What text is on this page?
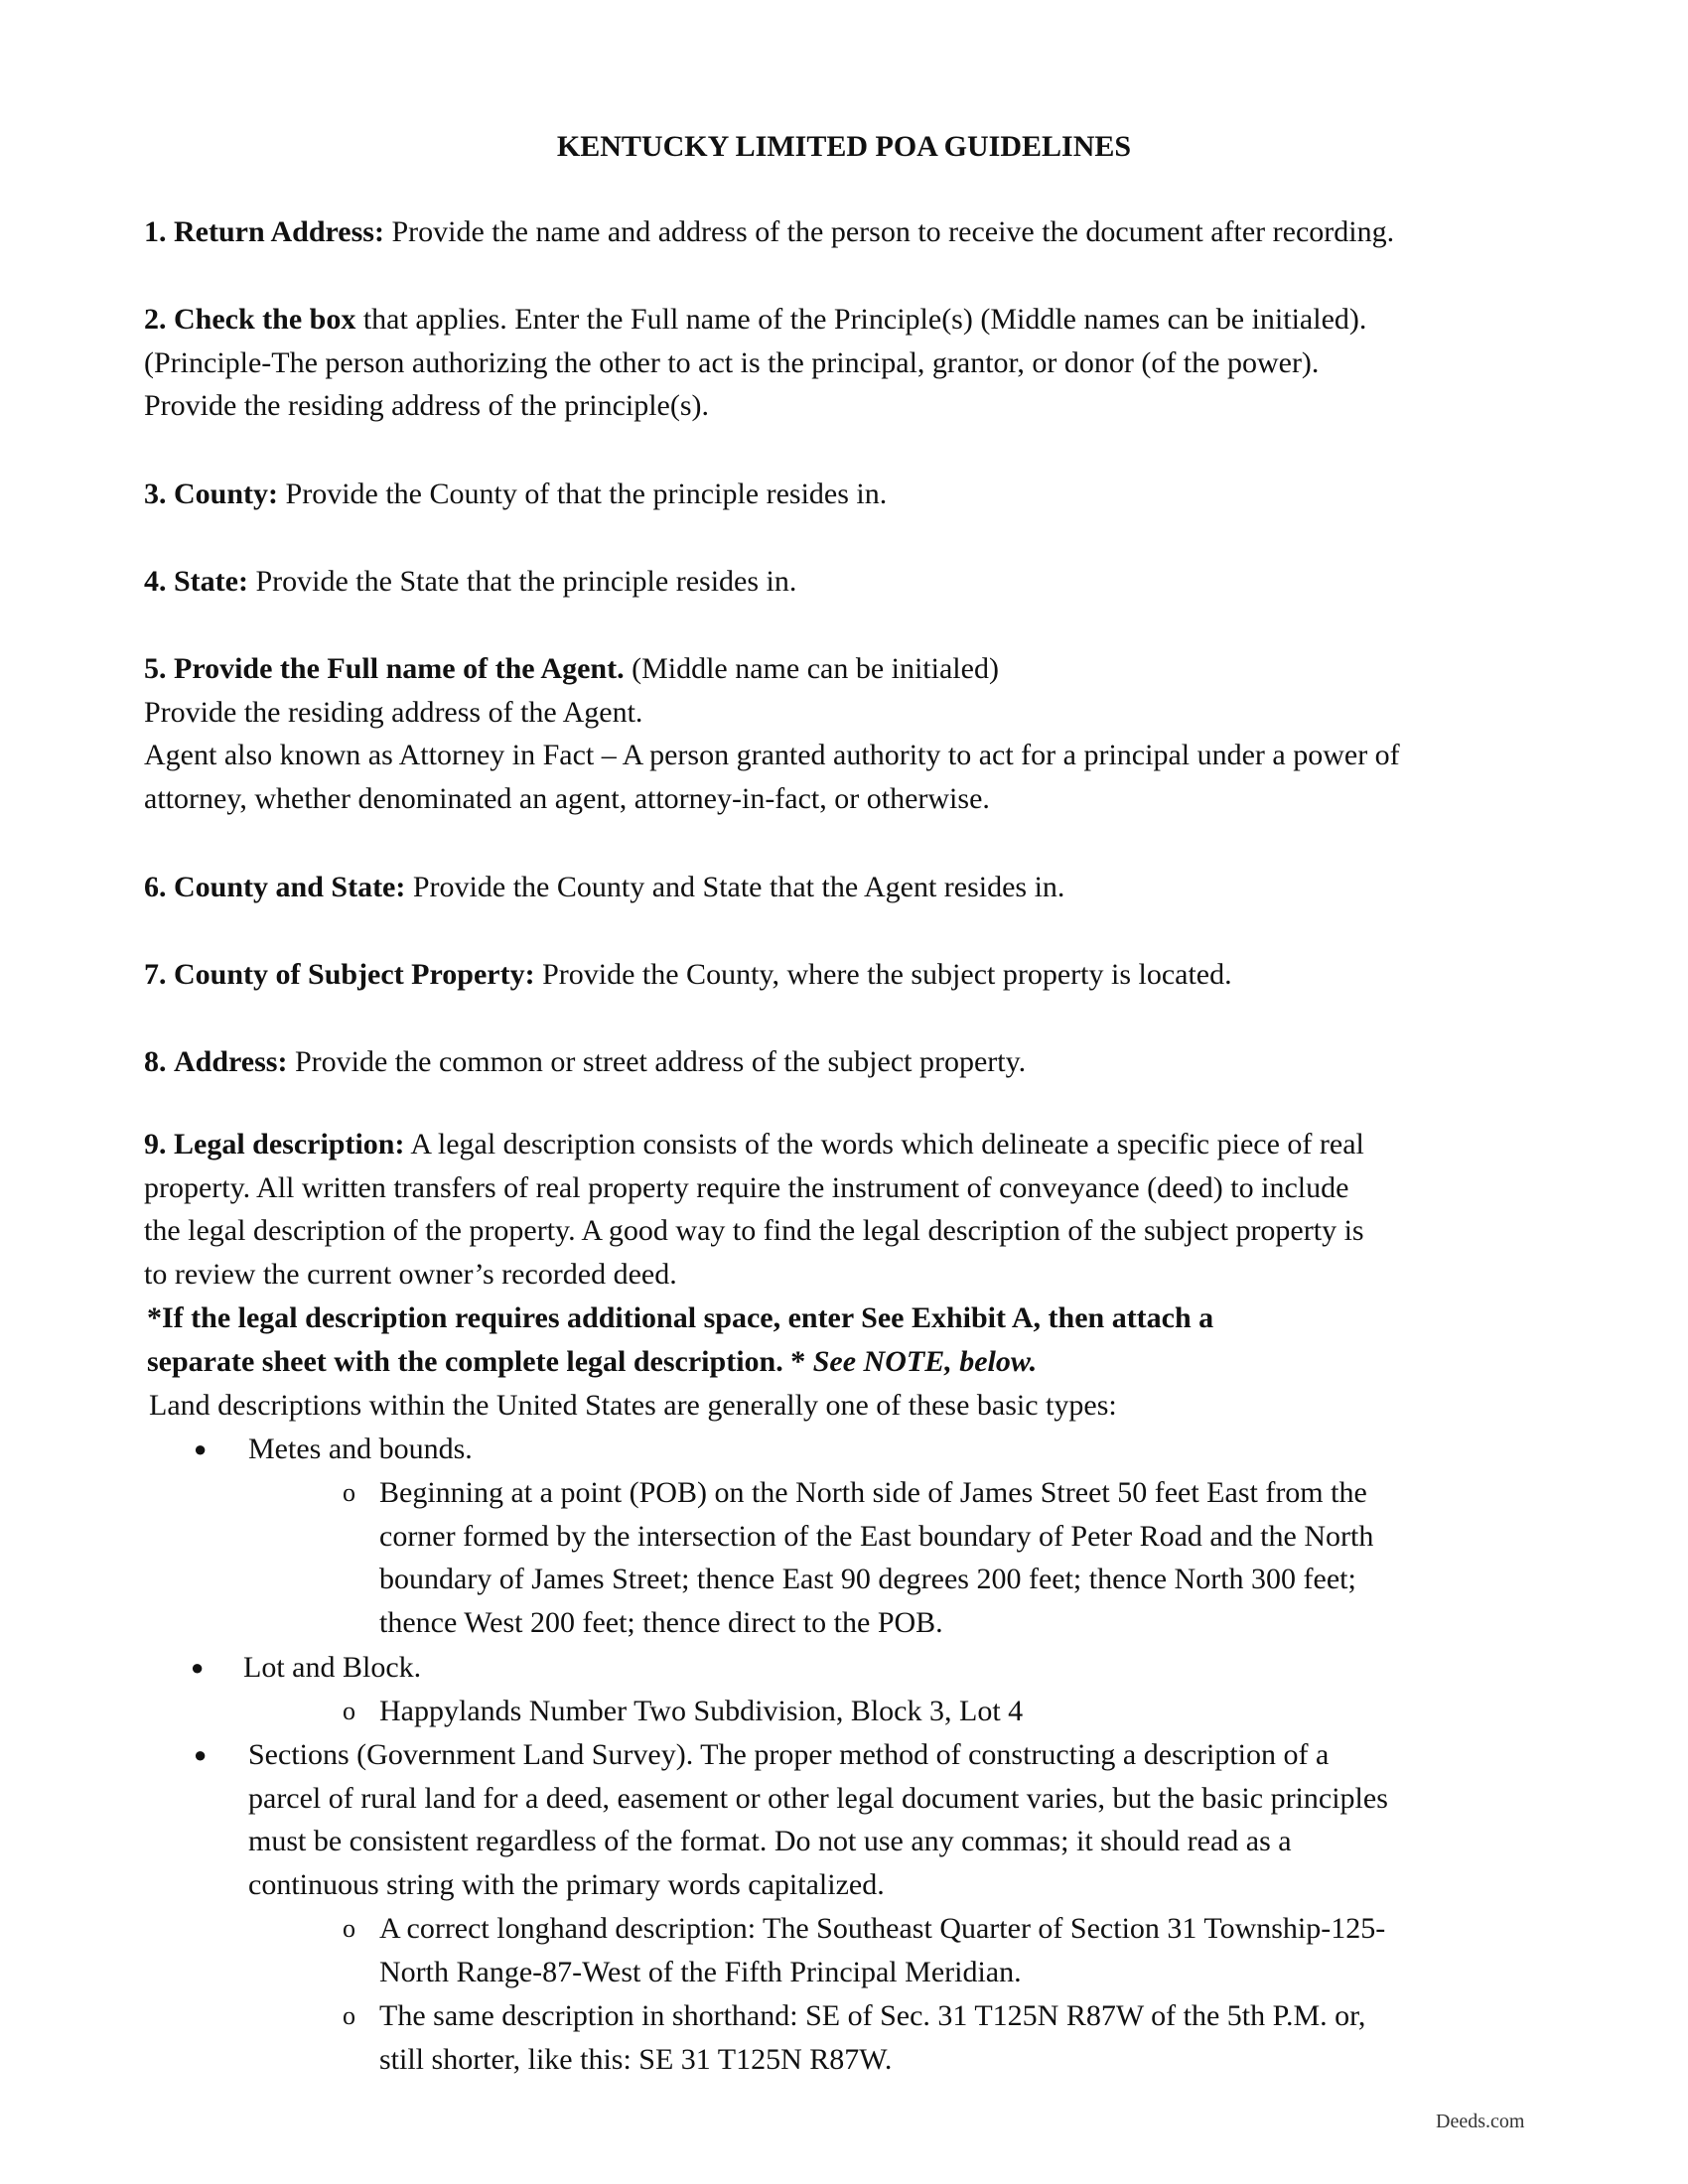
KENTUCKY LIMITED POA GUIDELINES
1. Return Address: Provide the name and address of the person to receive the document after recording.
2. Check the box that applies. Enter the Full name of the Principle(s) (Middle names can be initialed).
(Principle-The person authorizing the other to act is the principal, grantor, or donor (of the power).
Provide the residing address of the principle(s).
3. County: Provide the County of that the principle resides in.
4. State: Provide the State that the principle resides in.
5. Provide the Full name of the Agent. (Middle name can be initialed)
Provide the residing address of the Agent.
Agent also known as Attorney in Fact – A person granted authority to act for a principal under a power of
attorney, whether denominated an agent, attorney-in-fact, or otherwise.
6. County and State: Provide the County and State that the Agent resides in.
7. County of Subject Property: Provide the County, where the subject property is located.
8. Address: Provide the common or street address of the subject property.
9. Legal description: A legal description consists of the words which delineate a specific piece of real
property. All written transfers of real property require the instrument of conveyance (deed) to include
the legal description of the property. A good way to find the legal description of the subject property is
to review the current owner’s recorded deed.
*If the legal description requires additional space, enter See Exhibit A, then attach a
separate sheet with the complete legal description. * See NOTE, below.
Land descriptions within the United States are generally one of these basic types:
● Metes and bounds.
o Beginning at a point (POB) on the North side of James Street 50 feet East from the
corner formed by the intersection of the East boundary of Peter Road and the North
boundary of James Street; thence East 90 degrees 200 feet; thence North 300 feet;
thence West 200 feet; thence direct to the POB.
● Lot and Block.
o Happylands Number Two Subdivision, Block 3, Lot 4
● Sections (Government Land Survey). The proper method of constructing a description of a
parcel of rural land for a deed, easement or other legal document varies, but the basic principles
must be consistent regardless of the format. Do not use any commas; it should read as a
continuous string with the primary words capitalized.
o A correct longhand description: The Southeast Quarter of Section 31 Township-125-
North Range-87-West of the Fifth Principal Meridian.
o The same description in shorthand: SE of Sec. 31 T125N R87W of the 5th P.M. or,
still shorter, like this: SE 31 T125N R87W.
Deeds.com
